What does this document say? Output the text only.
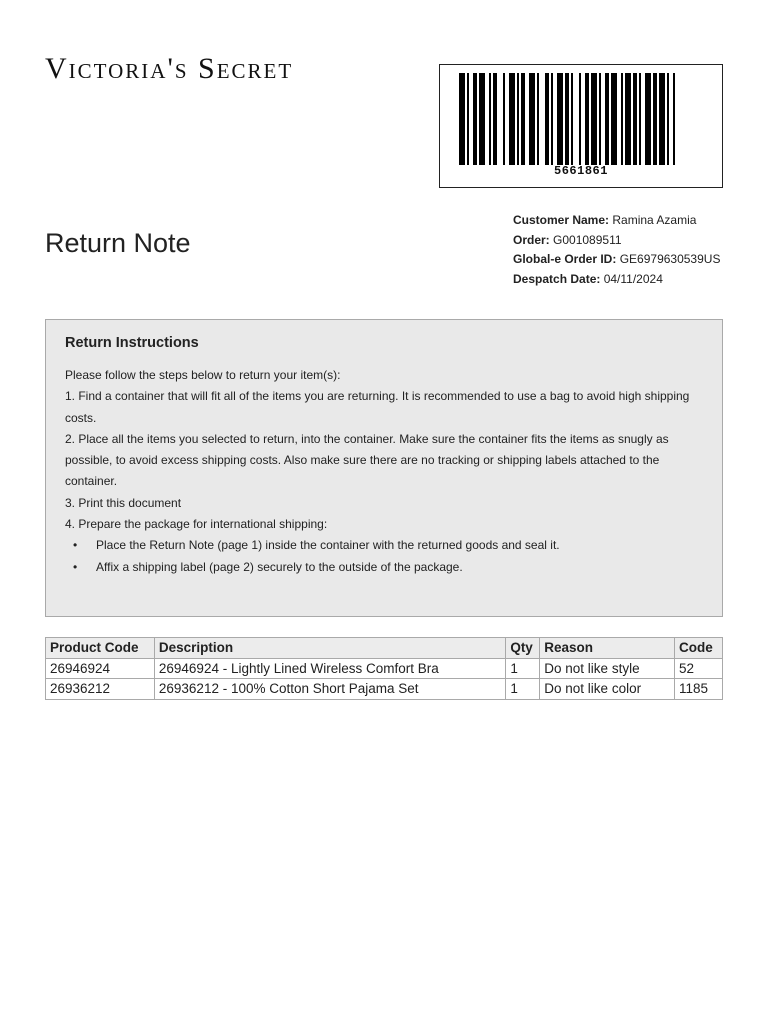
Victoria's Secret
5661861
Return Note
Customer Name: Ramina Azamia
Order: G001089511
Global-e Order ID: GE6979630539US
Despatch Date: 04/11/2024
Return Instructions

Please follow the steps below to return your item(s):

1. Find a container that will fit all of the items you are returning. It is recommended to use a bag to avoid high shipping costs.

2. Place all the items you selected to return, into the container. Make sure the container fits the items as snugly as possible, to avoid excess shipping costs. Also make sure there are no tracking or shipping labels attached to the container.

3. Print this document

4. Prepare the package for international shipping:

• Place the Return Note (page 1) inside the container with the returned goods and seal it.
• Affix a shipping label (page 2) securely to the outside of the package.
Product Code	Description	Qty	Reason	Code
26946924	26946924 - Lightly Lined Wireless Comfort Bra	1	Do not like style	52
26936212	26936212 - 100% Cotton Short Pajama Set	1	Do not like color	1185
